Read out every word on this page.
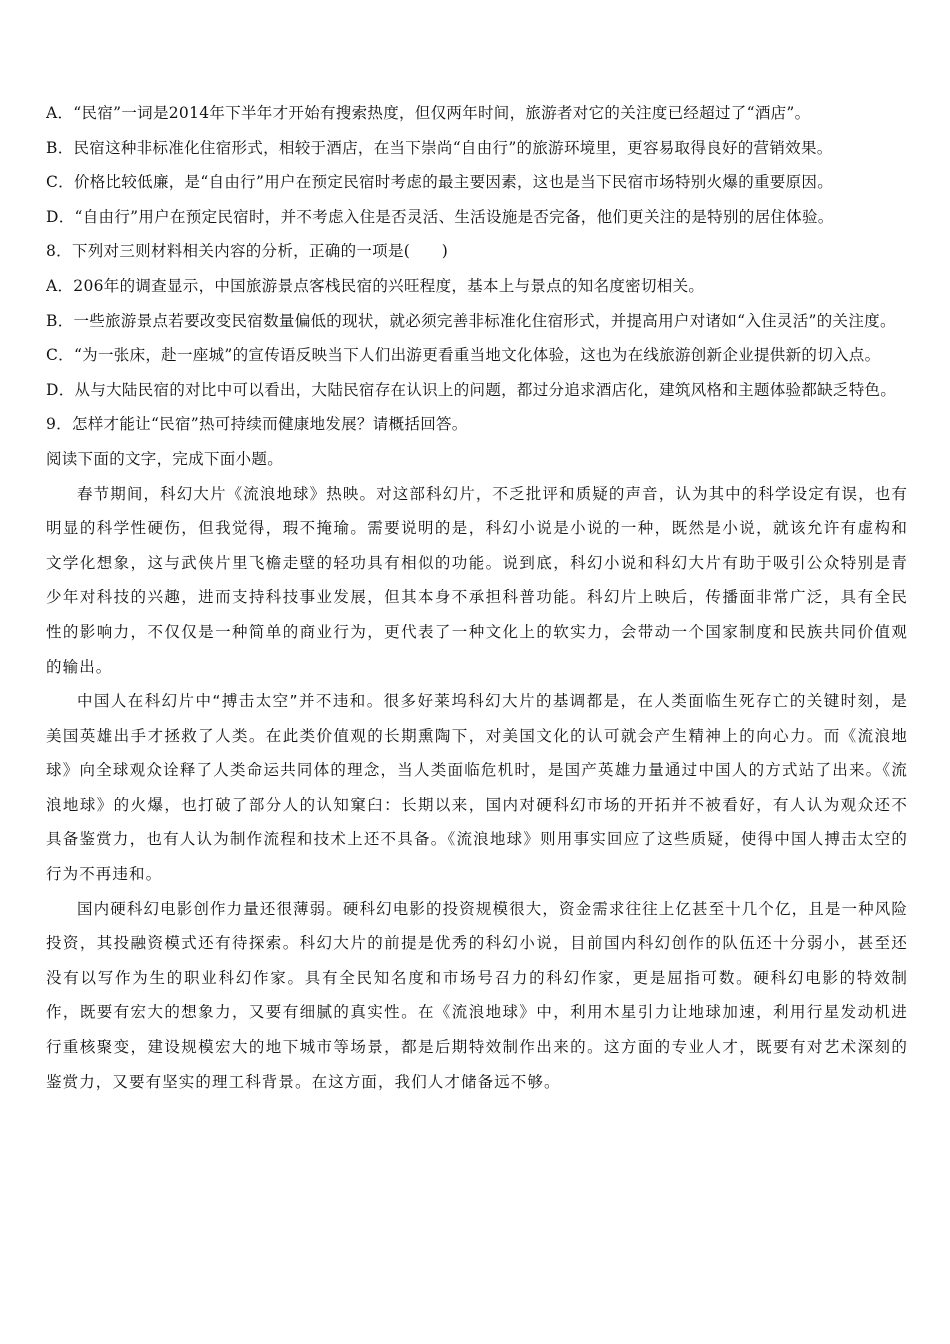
A．“民宿”一词是2014年下半年才开始有搜索热度，但仅两年时间，旅游者对它的关注度已经超过了“酒店”。
B．民宿这种非标准化住宿形式，相较于酒店，在当下崇尚“自由行”的旅游环境里，更容易取得良好的营销效果。
C．价格比较低廉，是“自由行”用户在预定民宿时考虑的最主要因素，这也是当下民宿市场特别火爆的重要原因。
D．“自由行”用户在预定民宿时，并不考虑入住是否灵活、生活设施是否完备，他们更关注的是特别的居住体验。
8．下列对三则材料相关内容的分析，正确的一项是(　　)
A．206年的调查显示，中国旅游景点客栈民宿的兴旺程度，基本上与景点的知名度密切相关。
B．一些旅游景点若要改变民宿数量偏低的现状，就必须完善非标准化住宿形式，并提高用户对诸如“入住灵活”的关注度。
C．“为一张床，赴一座城”的宣传语反映当下人们出游更看重当地文化体验，这也为在线旅游创新企业提供新的切入点。
D．从与大陆民宿的对比中可以看出，大陆民宿存在认识上的问题，都过分追求酒店化，建筑风格和主题体验都缺乏特色。
9．怎样才能让“民宿”热可持续而健康地发展？请概括回答。
阅读下面的文字，完成下面小题。
春节期间，科幻大片《流浪地球》热映。对这部科幻片，不乏批评和质疑的声音，认为其中的科学设定有误，也有明显的科学性硬伤，但我觉得，瑕不掩瑜。需要说明的是，科幻小说是小说的一种，既然是小说，就该允许有虚构和文学化想象，这与武侠片里飞檐走壁的轻功具有相似的功能。说到底，科幻小说和科幻大片有助于吸引公众特别是青少年对科技的兴趣，进而支持科技事业发展，但其本身不承担科普功能。科幻片上映后，传播面非常广泛，具有全民性的影响力，不仅仅是一种简单的商业行为，更代表了一种文化上的软实力，会带动一个国家制度和民族共同价值观的输出。
中国人在科幻片中“搏击太空”并不违和。很多好莱坞科幻大片的基调都是，在人类面临生死存亡的关键时刻，是美国英雄出手才拯救了人类。在此类价值观的长期熏陶下，对美国文化的认可就会产生精神上的向心力。而《流浪地球》向全球观众诠释了人类命运共同体的理念，当人类面临危机时，是国产英雄力量通过中国人的方式站了出来。《流浪地球》的火爆，也打破了部分人的认知窠臼：长期以来，国内对硬科幻市场的开拓并不被看好，有人认为观众还不具备鉴赏力，也有人认为制作流程和技术上还不具备。《流浪地球》则用事实回应了这些质疑，使得中国人搏击太空的行为不再违和。
国内硬科幻电影创作力量还很薄弱。硬科幻电影的投资规模很大，资金需求往往上亿甚至十几个亿，且是一种风险投资，其投融资模式还有待探索。科幻大片的前提是优秀的科幻小说，目前国内科幻创作的队伍还十分弱小，甚至还没有以写作为生的职业科幻作家。具有全民知名度和市场号召力的科幻作家，更是屈指可数。硬科幻电影的特效制作，既要有宏大的想象力，又要有细腻的真实性。在《流浪地球》中，利用木星引力让地球加速，利用行星发动机进行重核聚变，建设规模宏大的地下城市等场景，都是后期特效制作出来的。这方面的专业人才，既要有对艺术深刻的鉴赏力，又要有坚实的理工科背景。在这方面，我们人才储备远不够。
